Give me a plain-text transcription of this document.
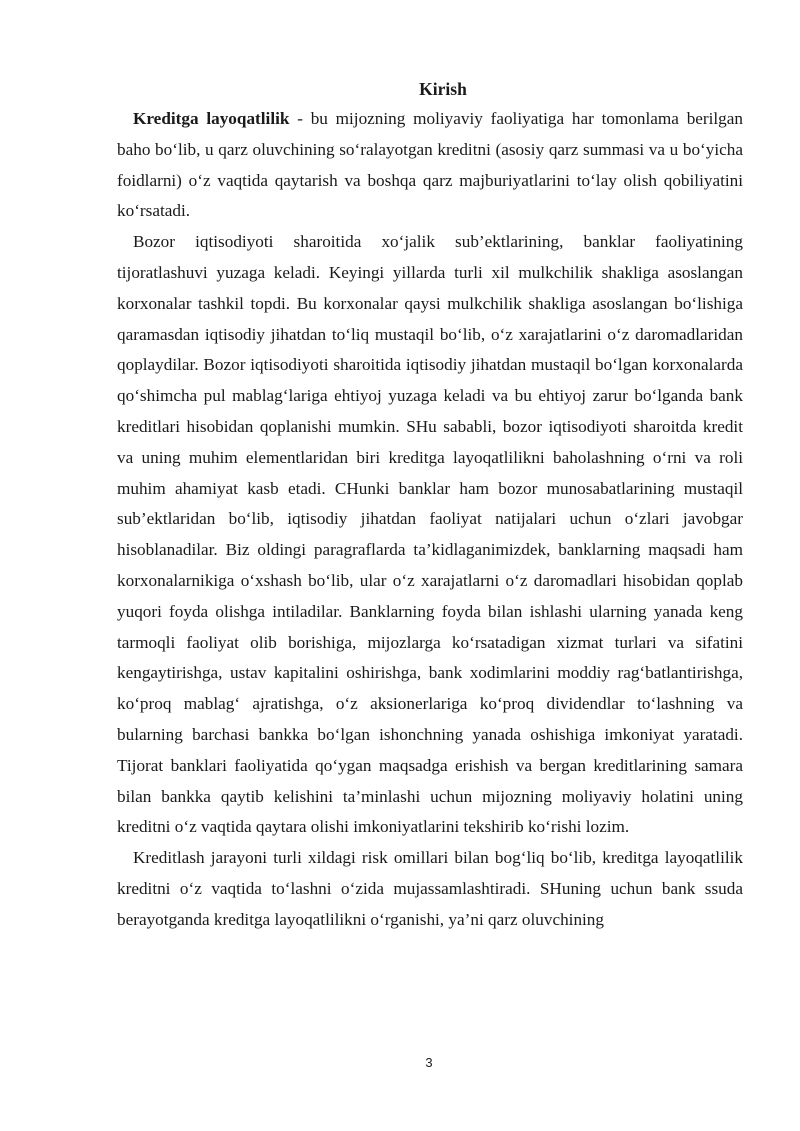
Kirish

Kreditga layoqatlilik - bu mijozning moliyaviy faoliyatiga har tomonlama berilgan baho bo‘lib, u qarz oluvchining so‘ralayotgan kreditni (asosiy qarz summasi va u bo‘yicha foidlarni) o‘z vaqtida qaytarish va boshqa qarz majburiyatlarini to‘lay olish qobiliyatini ko‘rsatadi.

Bozor iqtisodiyoti sharoitida xo‘jalik sub’ektlarining, banklar faoliyatining tijoratlashuvi yuzaga keladi. Keyingi yillarda turli xil mulkchilik shakliga asoslangan korxonalar tashkil topdi. Bu korxonalar qaysi mulkchilik shakliga asoslangan bo‘lishiga qaramasdan iqtisodiy jihatdan to‘liq mustaqil bo‘lib, o‘z xarajatlarini o‘z daromadlaridan qoplaydilar. Bozor iqtisodiyoti sharoitida iqtisodiy jihatdan mustaqil bo‘lgan korxonalarda qo‘shimcha pul mablag‘lariga ehtiyoj yuzaga keladi va bu ehtiyoj zarur bo‘lganda bank kreditlari hisobidan qoplanishi mumkin. SHu sababli, bozor iqtisodiyoti sharoitda kredit va uning muhim elementlaridan biri kreditga layoqatlilikni baholashning o‘rni va roli muhim ahamiyat kasb etadi. CHunki banklar ham bozor munosabatlarining mustaqil sub’ektlaridan bo‘lib, iqtisodiy jihatdan faoliyat natijalari uchun o‘zlari javobgar hisoblanadilar. Biz oldingi paragraflarda ta’kidlaganimizdek, banklarning maqsadi ham korxonalarnikiga o‘xshash bo‘lib, ular o‘z xarajatlarni o‘z daromadlari hisobidan qoplab yuqori foyda olishga intiladilar. Banklarning foyda bilan ishlashi ularning yanada keng tarmoqli faoliyat olib borishiga, mijozlarga ko‘rsatadigan xizmat turlari va sifatini kengaytirishga, ustav kapitalini oshirishga, bank xodimlarini moddiy rag‘batlantirishga, ko‘proq mablag‘ ajratishga, o‘z aksionerlariga ko‘proq dividendlar to‘lashning va bularning barchasi bankka bo‘lgan ishonchning yanada oshishiga imkoniyat yaratadi. Tijorat banklari faoliyatida qo‘ygan maqsadga erishish va bergan kreditlarining samara bilan bankka qaytib kelishini ta’minlashi uchun mijozning moliyaviy holatini uning kreditni o‘z vaqtida qaytara olishi imkoniyatlarini tekshirib ko‘rishi lozim.

Kreditlash jarayoni turli xildagi risk omillari bilan bog‘liq bo‘lib, kreditga layoqatlilik kreditni o‘z vaqtida to‘lashni o‘zida mujassamlashtiradi. SHuning uchun bank ssuda berayotganda kreditga layoqatlilikni o‘rganishi, ya’ni qarz oluvchining

3
